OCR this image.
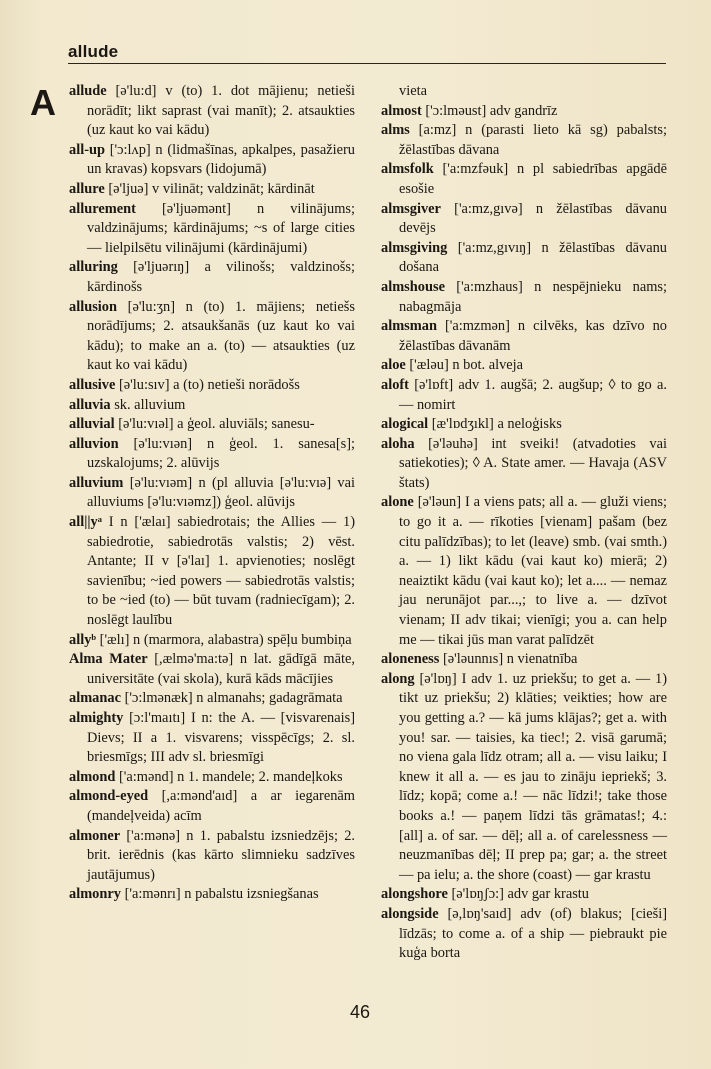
allude
A allude [ə'lu:d] v (to) 1. dot mājienu; netieši norādīt; likt saprast (vai manīt); 2. atsaukties (uz kaut ko vai kādu)
all-up ['ɔ:lʌp] n (lidmašīnas, apkalpes, pasažieru un kravas) kopsvars (lidojumā)
allure [ə'ljuə] v vilināt; valdzināt; kārdināt
allurement [ə'ljuəmənt] n vilinājums; valdzinājums; kārdinājums; ~s of large cities — lielpilsētu vilinājumi (kārdinājumi)
alluring [ə'ljuərıŋ] a vilinošs; valdzinošs; kārdinošs
allusion [ə'lu:ʒn] n (to) 1. mājiens; netiešs norādījums; 2. atsaukšanās (uz kaut ko vai kādu); to make an a. (to) — atsaukties (uz kaut ko vai kādu)
allusive [ə'lu:sıv] a (to) netieši norādošs
alluvia sk. alluvium
alluvial [ə'lu:vıəl] a ģeol. aluviāls; sanesu-
alluvion [ə'lu:vıən] n ģeol. 1. sanesa[s]; uzskalojums; 2. alūvijs
alluvium [ə'lu:vıəm] n (pl alluvia [ə'lu:vıə] vai alluviums [ə'lu:vıəmz]) ģeol. alūvijs
all||yᵃ I n ['ælaı] sabiedrotais; the Allies — 1) sabiedrotie, sabiedrotās valstis; 2) vēst. Antante; II v [ə'laı] 1. apvienoties; noslēgt savienību; ~ied powers — sabiedrotās valstis; to be ~ied (to) — būt tuvam (radniecīgam); 2. noslēgt laulību
allyᵇ ['ælı] n (marmora, alabastra) spēļu bumbiņa
Alma Mater [,ælmə'ma:tə] n lat. gādīgā māte, universitāte (vai skola), kurā kāds mācījies
almanac ['ɔ:lmənæk] n almanahs; gadagrāmata
almighty [ɔ:l'maıtı] I n: the A. — [visvarenais] Dievs; II a 1. visvarens; visspēcīgs; 2. sl. briesmīgs; III adv sl. briesmīgi
almond ['a:mənd] n 1. mandele; 2. mandeļkoks
almond-eyed [,a:mənd'aıd] a ar iegarenām (mandeļveida) acīm
almoner ['a:mənə] n 1. pabalstu izsniedzējs; 2. brit. ierēdnis (kas kārto slimnieku sadzīves jautājumus)
almonry ['a:mənrı] n pabalstu izsniegšanas
vieta
almost ['ɔ:lməust] adv gandrīz
alms [a:mz] n (parasti lieto kā sg) pabalsts; žēlastības dāvana
almsfolk ['a:mzfəuk] n pl sabiedrības apgādē esošie
almsgiver ['a:mz,gıvə] n žēlastības dāvanu devējs
almsgiving ['a:mz,gıvıŋ] n žēlastības dāvanu došana
almshouse ['a:mzhaus] n nespējnieku nams; nabagmāja
almsman ['a:mzmən] n cilvēks, kas dzīvo no žēlastības dāvanām
aloe ['æləu] n bot. alveja
aloft [ə'lɒft] adv 1. augšā; 2. augšup; ◊ to go a. — nomirt
alogical [æ'lɒdʒıkl] a neloģisks
aloha [ə'ləuhə] int sveiki! (atvadoties vai satiekoties); ◊ A. State amer. — Havaja (ASV štats)
alone [ə'ləun] I a viens pats; all a. — gluži viens; to go it a. — rīkoties [vienam] pašam (bez citu palīdzības); to let (leave) smb. (vai smth.) a. — 1) likt kādu (vai kaut ko) mierā; 2) neaiztikt kādu (vai kaut ko); let a.... — nemaz jau nerunājot par...,; to live a. — dzīvot vienam; II adv tikai; vienīgi; you a. can help me — tikai jūs man varat palīdzēt
aloneness [ə'ləunnıs] n vienatnība
along [ə'lɒŋ] I adv 1. uz priekšu; to get a. — 1) tikt uz priekšu; 2) klāties; veikties; how are you getting a.? — kā jums klājas?; get a. with you! sar. — taisies, ka tiec!; 2. visā garumā; no viena gala līdz otram; all a. — visu laiku; I knew it all a. — es jau to zināju iepriekš; 3. līdz; kopā; come a.! — nāc līdzi!; take those books a.! — paņem līdzi tās grāmatas!; 4.: [all] a. of sar. — dēļ; all a. of carelessness — neuzmanības dēļ; II prep pa; gar; a. the street — pa ielu; a. the shore (coast) — gar krastu
alongshore [ə'lɒŋʃɔ:] adv gar krastu
alongside [ə,lɒŋ'saıd] adv (of) blakus; [cieši] līdzās; to come a. of a ship — piebraukt pie kuģa borta
46
